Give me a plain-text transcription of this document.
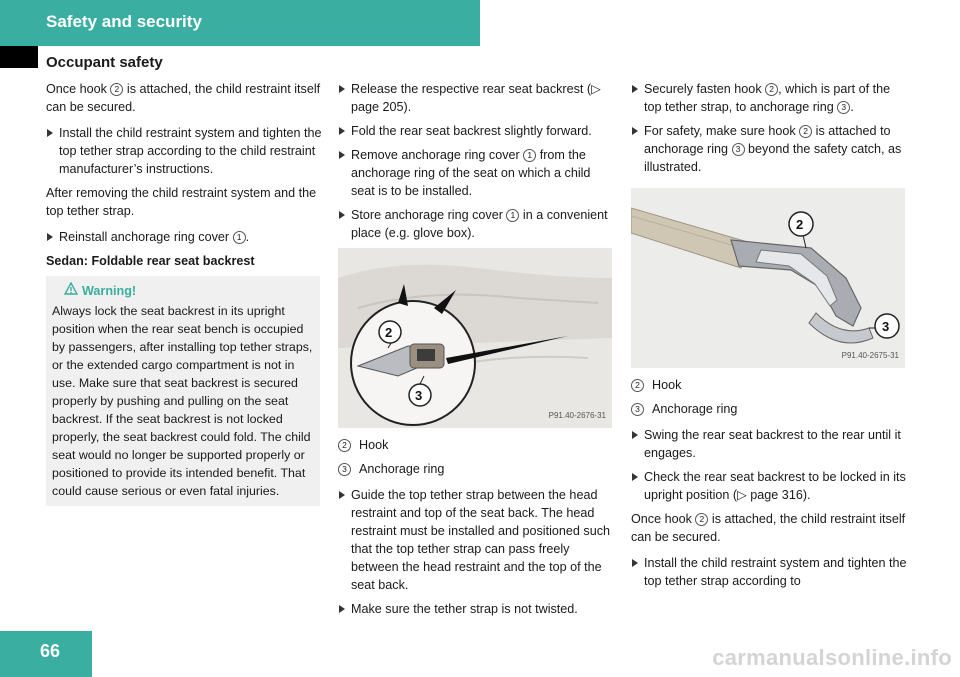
Safety and security
Occupant safety

Once hook 2 is attached, the child restraint itself can be secured.

Install the child restraint system and tighten the top tether strap according to the child restraint manufacturer’s instructions.

After removing the child restraint system and the top tether strap.

Reinstall anchorage ring cover 1 .
Sedan: Foldable rear seat backrest
Warning!
Always lock the seat backrest in its upright position when the rear seat bench is occupied by passengers, after installing top tether straps, or the extended cargo compartment is not in use. Make sure that seat backrest is secured properly by pushing and pulling on the seat backrest. If the seat backrest is not locked properly, the seat backrest could fold. The child seat would no longer be supported properly or positioned to provide its intended benefit. That could cause serious or even fatal injuries.
Release the respective rear seat backrest (▷ page 205).
Fold the rear seat backrest slightly forward.
Remove anchorage ring cover 1 from the anchorage ring of the seat on which a child seat is to be installed.
Store anchorage ring cover 1 in a convenient place (e.g. glove box).
2
3
P91.40-2676-31
2 Hook
3 Anchorage ring
Guide the top tether strap between the head restraint and top of the seat back. The head restraint must be installed and positioned such that the top tether strap can pass freely between the head restraint and the top of the seat back.
Make sure the tether strap is not twisted.
Securely fasten hook 2 , which is part of the top tether strap, to anchorage ring 3 .
For safety, make sure hook 2 is attached to anchorage ring 3 beyond the safety catch, as illustrated.
2
3
P91.40-2675-31
2 Hook
3 Anchorage ring
Swing the rear seat backrest to the rear until it engages.
Check the rear seat backrest to be locked in its upright position (▷ page 316).

Once hook 2 is attached, the child restraint itself can be secured.

Install the child restraint system and tighten the top tether strap according to
66	carmanualsonline.info
